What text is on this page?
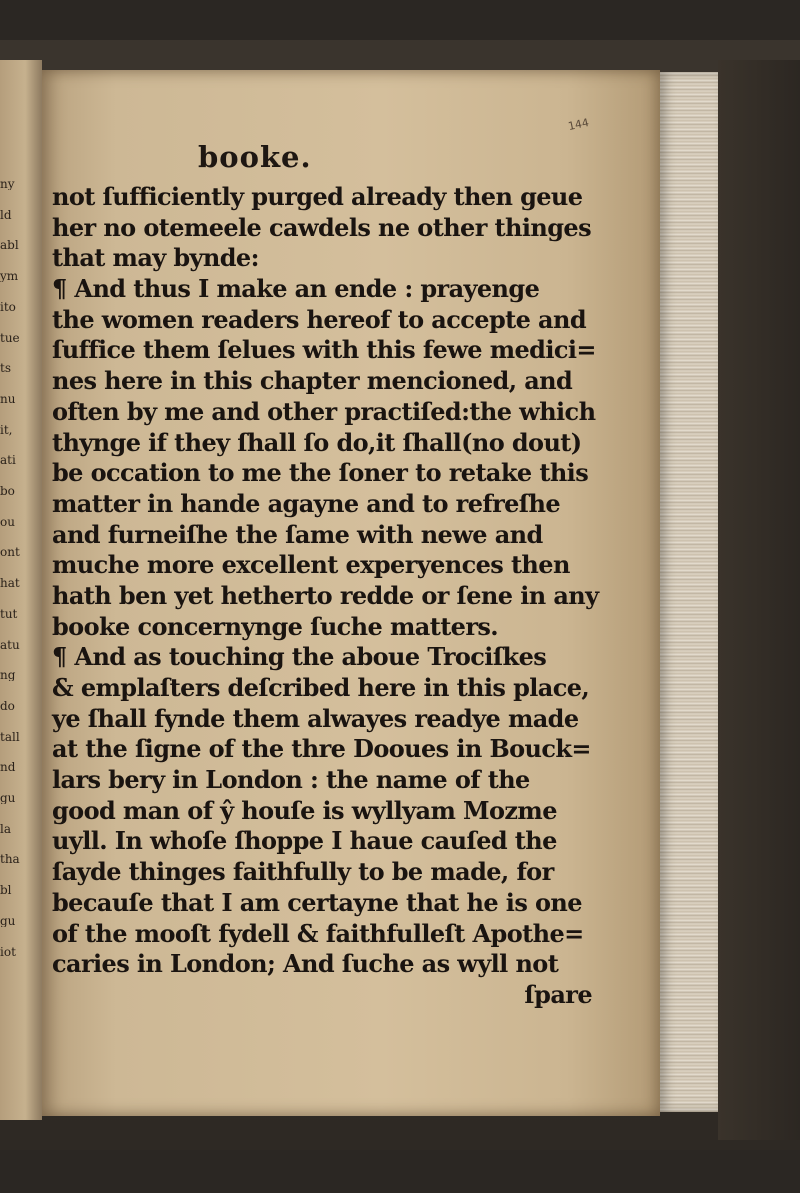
ny
ld
abl
ym
ito
tue
ts
nu
it,
ati
bo
ou
ont
hat
tut
atu
ng
do
tall
nd
gu
la
tha
bl
gu
iot
144
booke.
not ſufficiently purged already then geue
her no otemeele cawdels ne other thinges
that may bynde:
¶ And thus I make an ende : prayenge
the women readers hereof to accepte and
ſuffice them ſelues with this fewe medici=
nes here in this chapter mencioned, and
often by me and other practiſed:the which
thynge if they ſhall ſo do,it ſhall(no dout)
be occation to me the ſoner to retake this
matter in hande agayne and to refreſhe
and furneiſhe the ſame with newe and
muche more excellent experyences then
hath ben yet hetherto redde or ſene in any
booke concernynge ſuche matters.
¶ And as touching the aboue Trociſkes
& emplaſters deſcribed here in this place,
ye ſhall fynde them alwayes readye made
at the ſigne of the thre Dooues in Bouck=
lars bery in London : the name of the
good man of ŷ houſe is wyllyam Mozme
uyll. In whoſe ſhoppe I haue cauſed the
ſayde thinges faithfully to be made, for
becauſe that I am certayne that he is one
of the mooſt fydell & faithfulleſt Apothe=
caries in London; And ſuche as wyll not
ſpare
